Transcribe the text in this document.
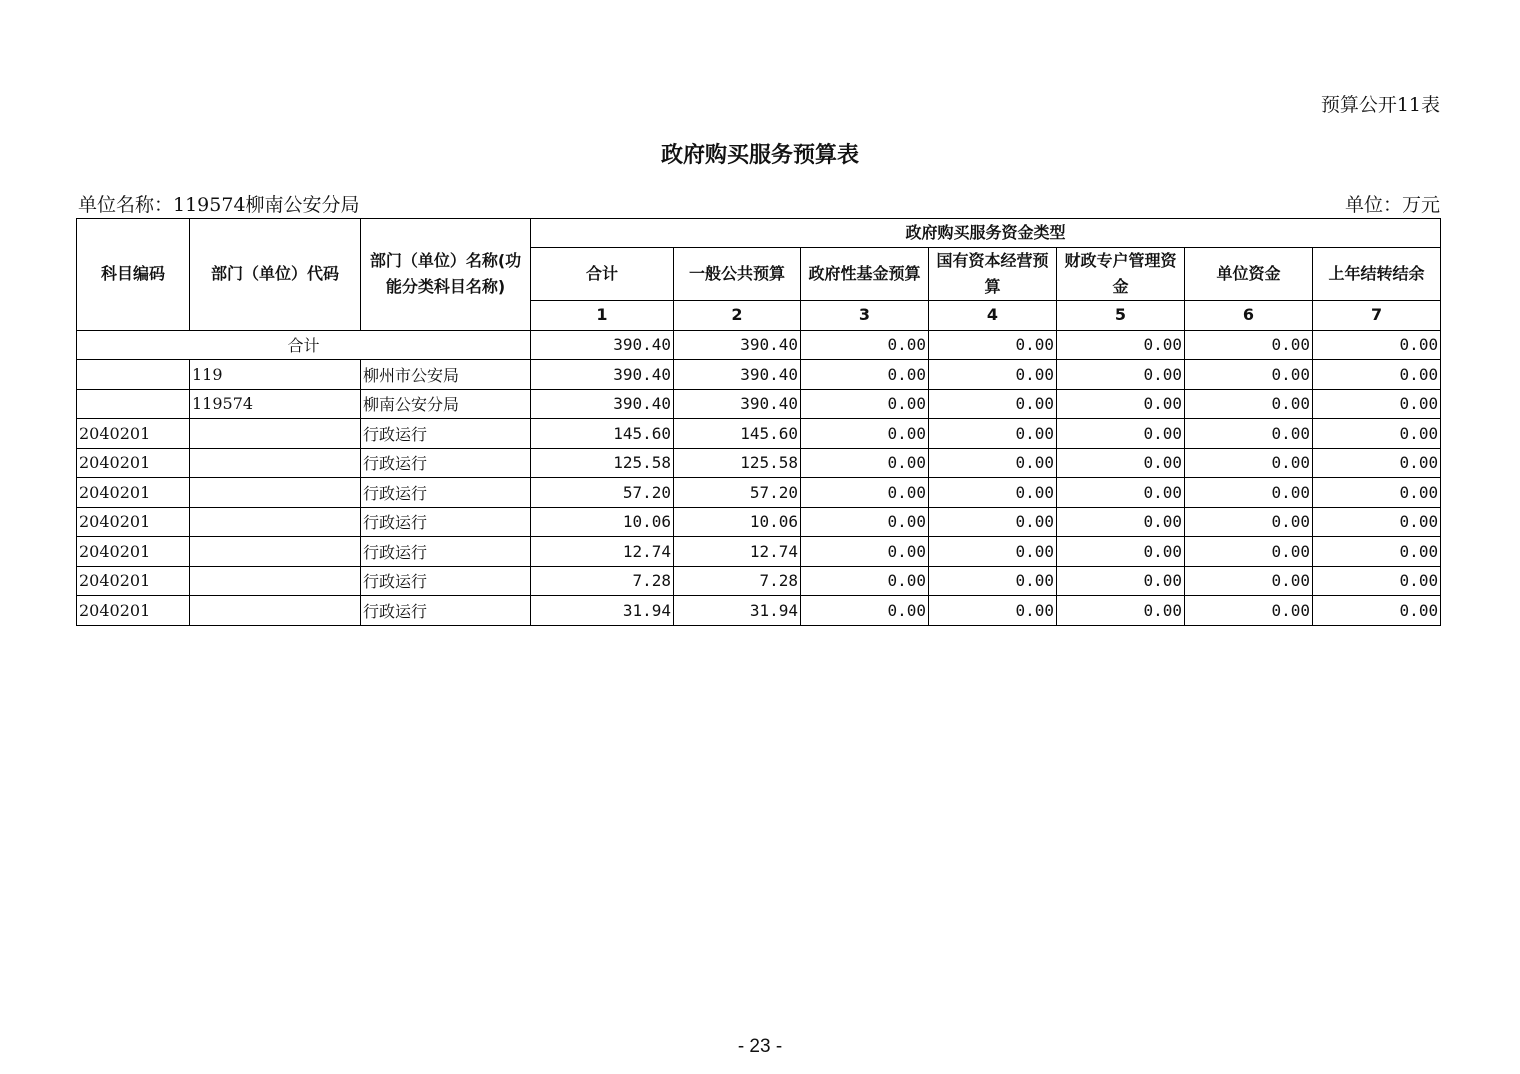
预算公开11表
政府购买服务预算表
单位名称：119574柳南公安分局	单位：万元
科目编码	部门（单位）代码	部门（单位）名称(功能分类科目名称)	政府购买服务资金类型						
			合计	一般公共预算	政府性基金预算	国有资本经营预算	财政专户管理资金	单位资金	上年结转结余
			1	2	3	4	5	6	7
合计			390.40	390.40	0.00	0.00	0.00	0.00	0.00
	119	柳州市公安局	390.40	390.40	0.00	0.00	0.00	0.00	0.00
	119574	柳南公安分局	390.40	390.40	0.00	0.00	0.00	0.00	0.00
2040201		行政运行	145.60	145.60	0.00	0.00	0.00	0.00	0.00
2040201		行政运行	125.58	125.58	0.00	0.00	0.00	0.00	0.00
2040201		行政运行	57.20	57.20	0.00	0.00	0.00	0.00	0.00
2040201		行政运行	10.06	10.06	0.00	0.00	0.00	0.00	0.00
2040201		行政运行	12.74	12.74	0.00	0.00	0.00	0.00	0.00
2040201		行政运行	7.28	7.28	0.00	0.00	0.00	0.00	0.00
2040201		行政运行	31.94	31.94	0.00	0.00	0.00	0.00	0.00
- 23 -
